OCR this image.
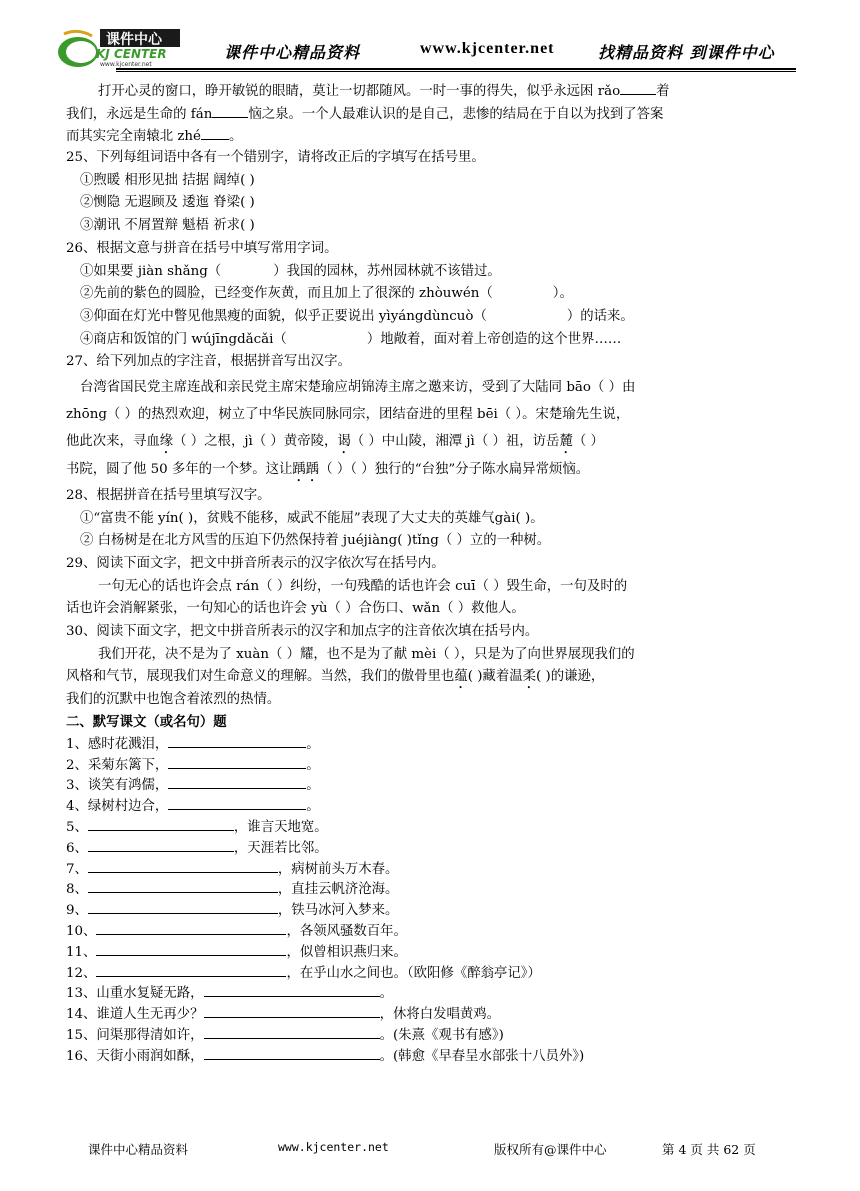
课件中心
KJ CENTER
www.kjcenter.net
课件中心精品资料	www.kjcenter.net	找精品资料 到课件中心
打开心灵的窗口，睁开敏锐的眼睛，莫让一切都随风。一时一事的得失，似乎永远困 rǎo	着
我们，永远是生命的 fán	恼之泉。一个人最难认识的是自己，悲惨的结局在于自以为找到了答案
而其实完全南辕北 zhé 。
25、下列每组词语中各有一个错别字，请将改正后的字填写在括号里。
①煦暖 相形见拙 拮据 阔绰( )
②恻隐 无遐顾及 逶迤 脊梁( )
③潮讯 不屑置辩 魁梧 祈求( )
26、根据文意与拼音在括号中填写常用字词。
①如果要 jiàn shǎng（	）我国的园林，苏州园林就不该错过。
②先前的紫色的圆脸，已经变作灰黄，而且加上了很深的 zhòuwén（	）。
③仰面在灯光中瞥见他黑瘦的面貌，似乎正要说出 yìyángdùncuò（	）的话来。
④商店和饭馆的门 wújīngdǎcǎi（	）地敞着，面对着上帝创造的这个世界……
27、给下列加点的字注音，根据拼音写出汉字。
台湾省国民党主席连战和亲民党主席宋楚瑜应胡锦涛主席之邀来访，受到了大陆同 bāo（ ）由
zhōng（ ）的热烈欢迎，树立了中华民族同脉同宗，团结奋进的里程 bēi（ ）。宋楚瑜先生说，
他此次来，寻血缘（ ）之根，jì（ ）黄帝陵，谒（ ）中山陵，湘潭 jì（ ）祖，访岳麓（ ）
书院，圆了他 50 多年的一个梦。这让踽踽（ ）（ ）独行的“台独”分子陈水扁异常烦恼。
28、根据拼音在括号里填写汉字。
①“富贵不能 yín( )，贫贱不能移，威武不能屈”表现了大丈夫的英雄气gài( )。
② 白杨树是在北方风雪的压迫下仍然保持着 juéjiàng( )tǐng（ ）立的一种树。
29、阅读下面文字，把文中拼音所表示的汉字依次写在括号内。
一句无心的话也许会点 rán（ ）纠纷，一句残酷的话也许会 cuī（ ）毁生命，一句及时的
话也许会消解紧张，一句知心的话也许会 yù（ ）合伤口、wǎn（ ）救他人。
30、阅读下面文字，把文中拼音所表示的汉字和加点字的注音依次填在括号内。
我们开花，决不是为了 xuàn（ ）耀，也不是为了献 mèi（ ），只是为了向世界展现我们的
风格和气节，展现我们对生命意义的理解。当然，我们的傲骨里也蕴( )藏着温柔( )的谦逊，
我们的沉默中也饱含着浓烈的热情。
二、默写课文（或名句）题
1、感时花溅泪，	。
2、采菊东篱下，	。
3、谈笑有鸿儒，	。
4、绿树村边合，	。
5、	，谁言天地宽。
6、	，天涯若比邻。
7、	，病树前头万木春。
8、	，直挂云帆济沧海。
9、	，铁马冰河入梦来。
10、	，各领风骚数百年。
11、	，似曾相识燕归来。
12、	，在乎山水之间也。（欧阳修《醉翁亭记》）
13、山重水复疑无路，	。
14、谁道人生无再少？	，休将白发唱黄鸡。
15、问渠那得清如许，	。(朱熹《观书有感》)
16、天街小雨润如酥，	。(韩愈《早春呈水部张十八员外》)
课件中心精品资料	www.kjcenter.net	版权所有@课件中心	第 4 页 共 62 页
